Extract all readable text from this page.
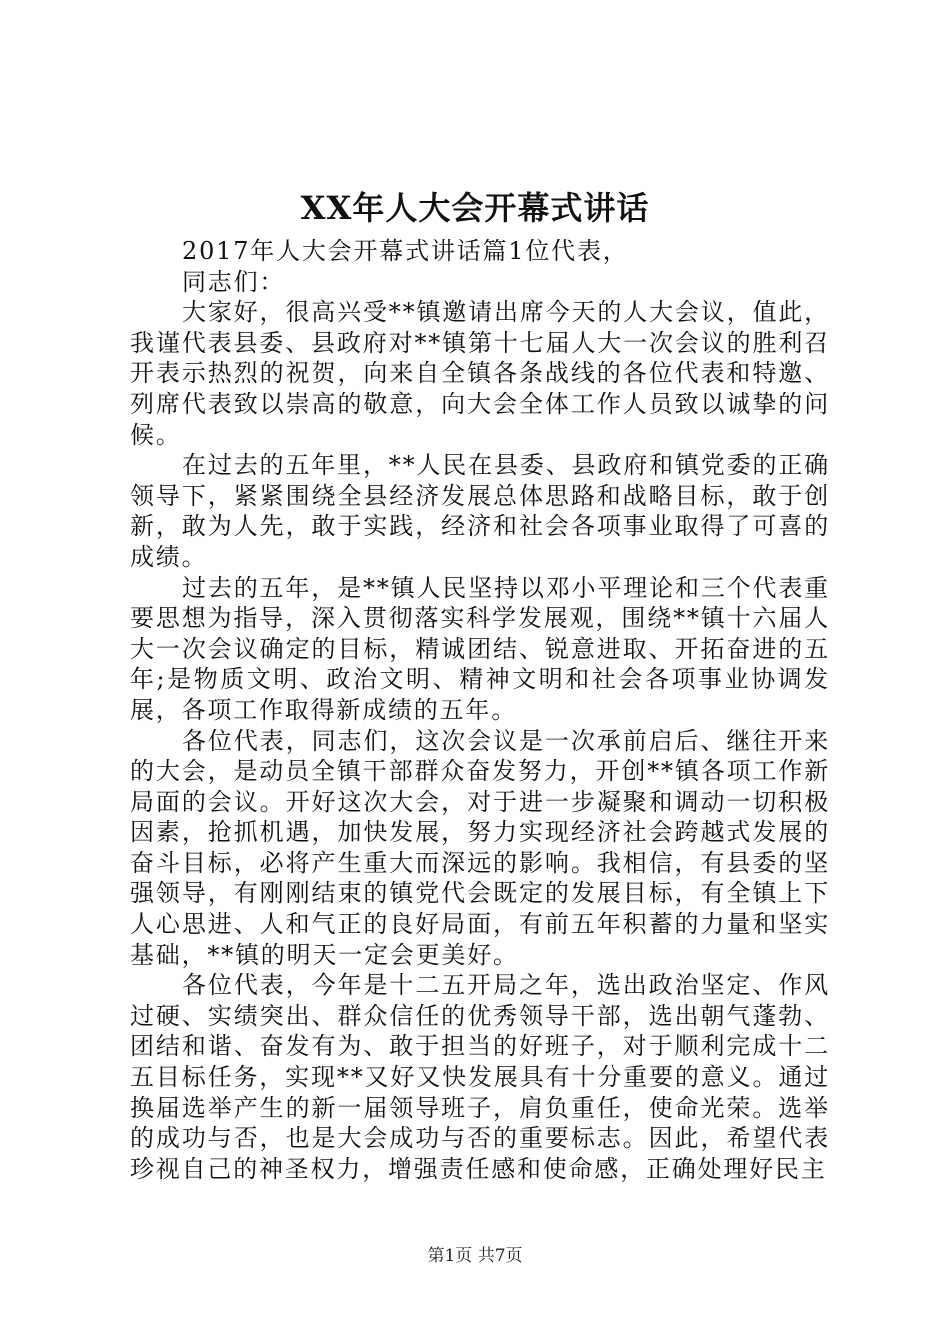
XX年人大会开幕式讲话

2017年人大会开幕式讲话篇1位代表，

同志们：

大家好，很高兴受**镇邀请出席今天的人大会议，值此，我谨代表县委、县政府对**镇第十七届人大一次会议的胜利召开表示热烈的祝贺，向来自全镇各条战线的各位代表和特邀、列席代表致以崇高的敬意，向大会全体工作人员致以诚挚的问候。

在过去的五年里，**人民在县委、县政府和镇党委的正确领导下，紧紧围绕全县经济发展总体思路和战略目标，敢于创新，敢为人先，敢于实践，经济和社会各项事业取得了可喜的成绩。

过去的五年，是**镇人民坚持以邓小平理论和三个代表重要思想为指导，深入贯彻落实科学发展观，围绕**镇十六届人大一次会议确定的目标，精诚团结、锐意进取、开拓奋进的五年;是物质文明、政治文明、精神文明和社会各项事业协调发展，各项工作取得新成绩的五年。

各位代表，同志们，这次会议是一次承前启后、继往开来的大会，是动员全镇干部群众奋发努力，开创**镇各项工作新局面的会议。开好这次大会，对于进一步凝聚和调动一切积极因素，抢抓机遇，加快发展，努力实现经济社会跨越式发展的奋斗目标，必将产生重大而深远的影响。我相信，有县委的坚强领导，有刚刚结束的镇党代会既定的发展目标，有全镇上下人心思进、人和气正的良好局面，有前五年积蓄的力量和坚实基础，**镇的明天一定会更美好。

各位代表，今年是十二五开局之年，选出政治坚定、作风过硬、实绩突出、群众信任的优秀领导干部，选出朝气蓬勃、团结和谐、奋发有为、敢于担当的好班子，对于顺利完成十二五目标任务，实现**又好又快发展具有十分重要的意义。通过换届选举产生的新一届领导班子，肩负重任，使命光荣。选举的成功与否，也是大会成功与否的重要标志。因此，希望代表珍视自己的神圣权力，增强责任感和使命感，正确处理好民主

第1页 共7页
